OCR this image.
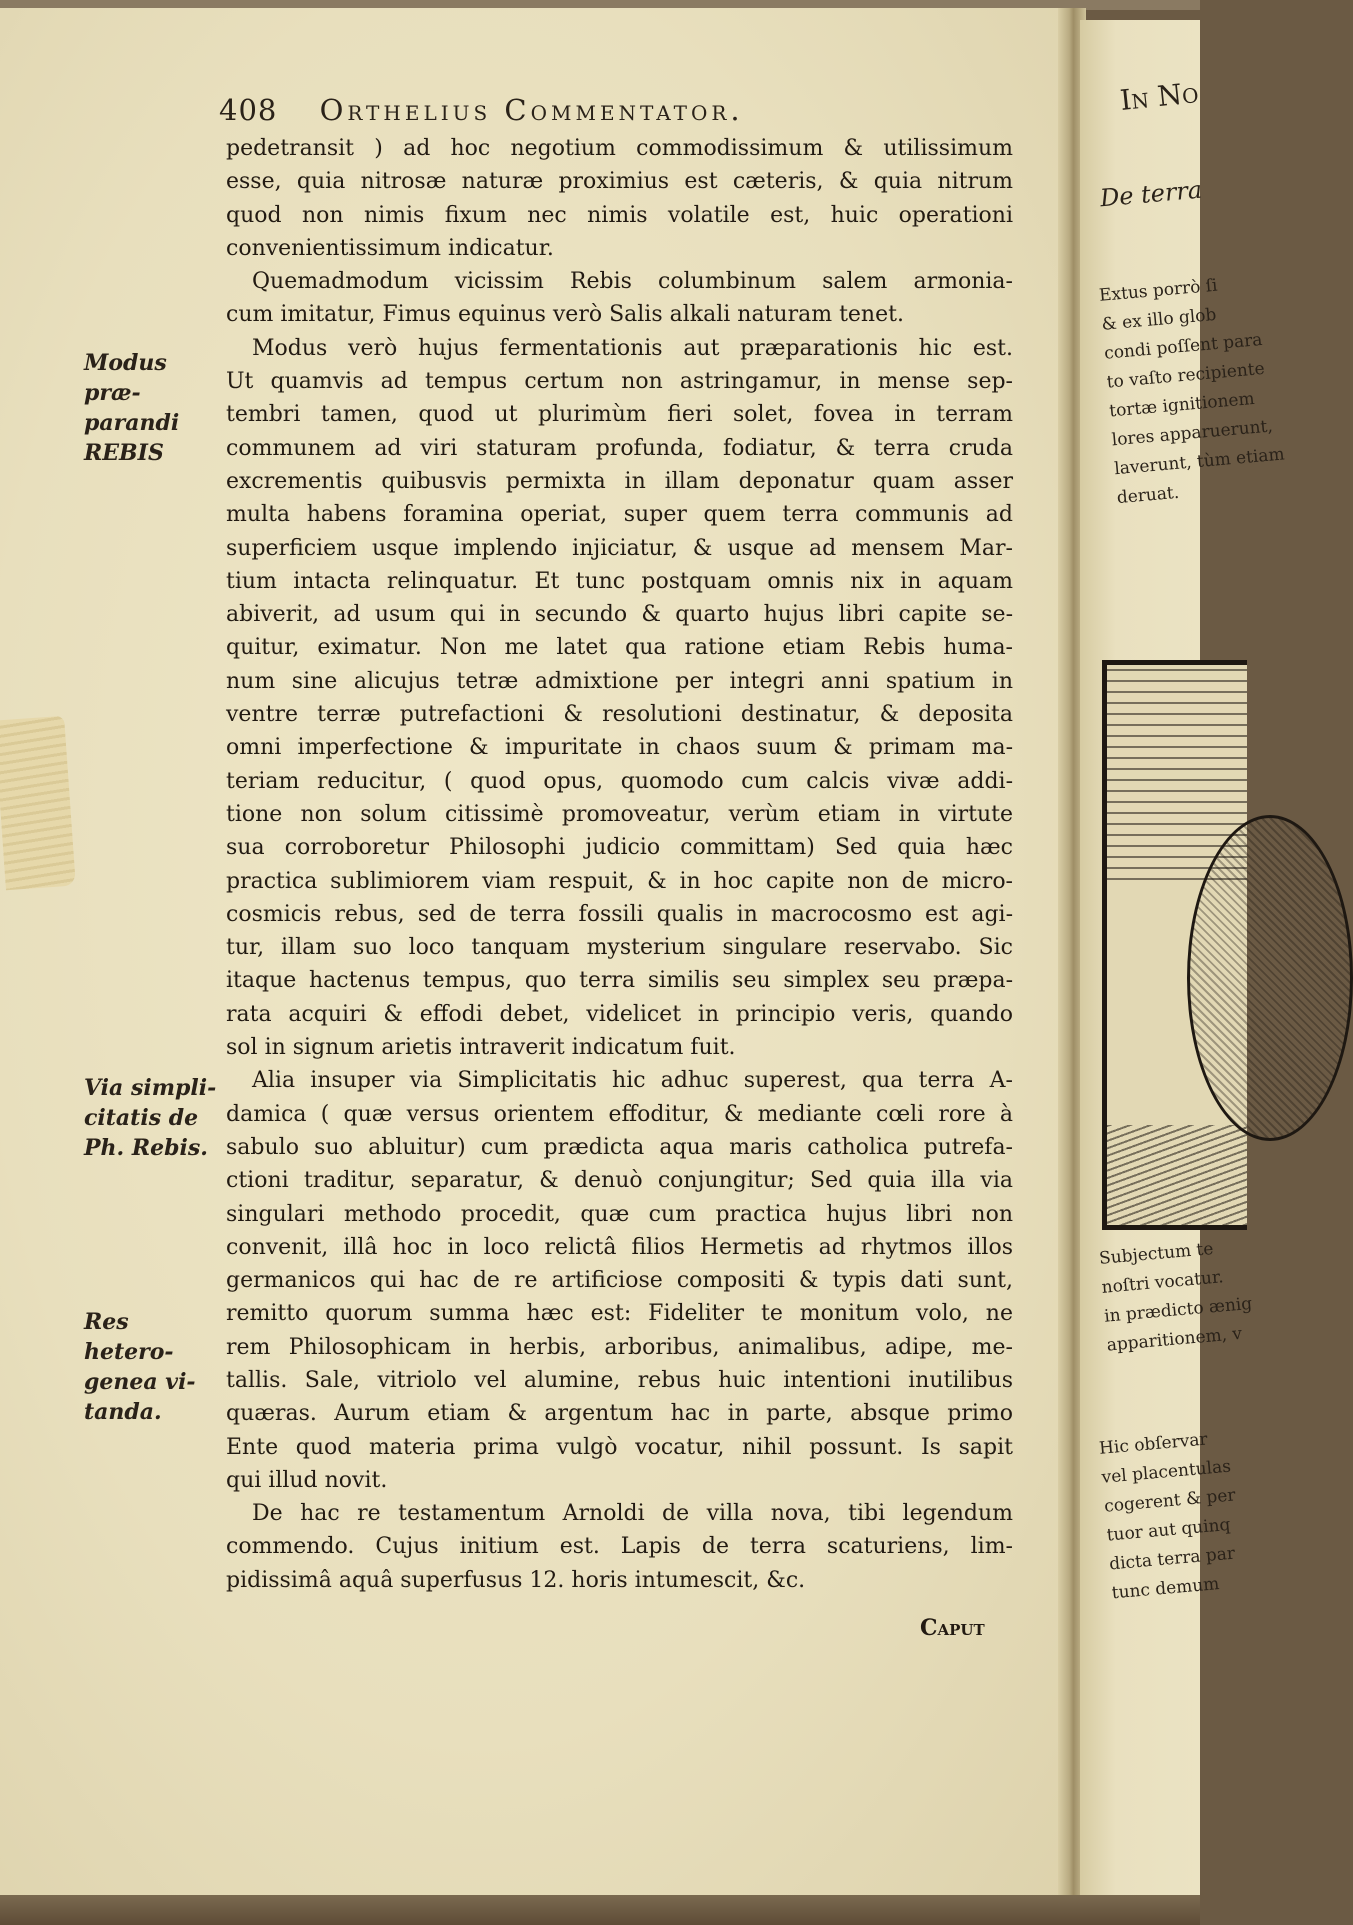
408 Orthelius Commentator.
pedetransit ) ad hoc negotium commodissimum & utilissimum
esse, quia nitrosæ naturæ proximius est cæteris, & quia nitrum
quod non nimis fixum nec nimis volatile est, huic operationi
convenientissimum indicatur.
Quemadmodum vicissim Rebis columbinum salem armonia-
cum imitatur, Fimus equinus verò Salis alkali naturam tenet.
Modus verò hujus fermentationis aut præparationis hic est.
Ut quamvis ad tempus certum non astringamur, in mense sep-
tembri tamen, quod ut plurimùm fieri solet, fovea in terram
communem ad viri staturam profunda, fodiatur, & terra cruda
excrementis quibusvis permixta in illam deponatur quam asser
multa habens foramina operiat, super quem terra communis ad
superficiem usque implendo injiciatur, & usque ad mensem Mar-
tium intacta relinquatur. Et tunc postquam omnis nix in aquam
abiverit, ad usum qui in secundo & quarto hujus libri capite se-
quitur, eximatur. Non me latet qua ratione etiam Rebis huma-
num sine alicujus tetræ admixtione per integri anni spatium in
ventre terræ putrefactioni & resolutioni destinatur, & deposita
omni imperfectione & impuritate in chaos suum & primam ma-
teriam reducitur, ( quod opus, quomodo cum calcis vivæ addi-
tione non solum citissimè promoveatur, verùm etiam in virtute
sua corroboretur Philosophi judicio committam) Sed quia hæc
practica sublimiorem viam respuit, & in hoc capite non de micro-
cosmicis rebus, sed de terra fossili qualis in macrocosmo est agi-
tur, illam suo loco tanquam mysterium singulare reservabo. Sic
itaque hactenus tempus, quo terra similis seu simplex seu præpa-
rata acquiri & effodi debet, videlicet in principio veris, quando
sol in signum arietis intraverit indicatum fuit.
Alia insuper via Simplicitatis hic adhuc superest, qua terra A-
damica ( quæ versus orientem effoditur, & mediante cœli rore à
sabulo suo abluitur) cum prædicta aqua maris catholica putrefa-
ctioni traditur, separatur, & denuò conjungitur; Sed quia illa via
singulari methodo procedit, quæ cum practica hujus libri non
convenit, illâ hoc in loco relictâ filios Hermetis ad rhytmos illos
germanicos qui hac de re artificiose compositi & typis dati sunt,
remitto quorum summa hæc est: Fideliter te monitum volo, ne
rem Philosophicam in herbis, arboribus, animalibus, adipe, me-
tallis. Sale, vitriolo vel alumine, rebus huic intentioni inutilibus
quæras. Aurum etiam & argentum hac in parte, absque primo
Ente quod materia prima vulgò vocatur, nihil possunt. Is sapit
qui illud novit.
De hac re testamentum Arnoldi de villa nova, tibi legendum
commendo. Cujus initium est. Lapis de terra scaturiens, lim-
pidissimâ aquâ superfusus 12. horis intumescit, &c.
Modus præ-
parandi
REBIS
Via simpli-
citatis de
Ph. Rebis.
Res hetero-
genea vi-
tanda.
Caput
In No
De terra
Extus porrò ſi
& ex illo glob
condi poſſent para
to vaſto recipiente
tortæ ignitionem
lores apparuerunt,
laverunt, tùm etiam
deruat.
Subjectum te
noſtri vocatur.
in prædicto ænig
apparitionem, v
Hic obſervar
vel placentulas
cogerent & per
tuor aut quinq
dicta terra par
tunc demum
